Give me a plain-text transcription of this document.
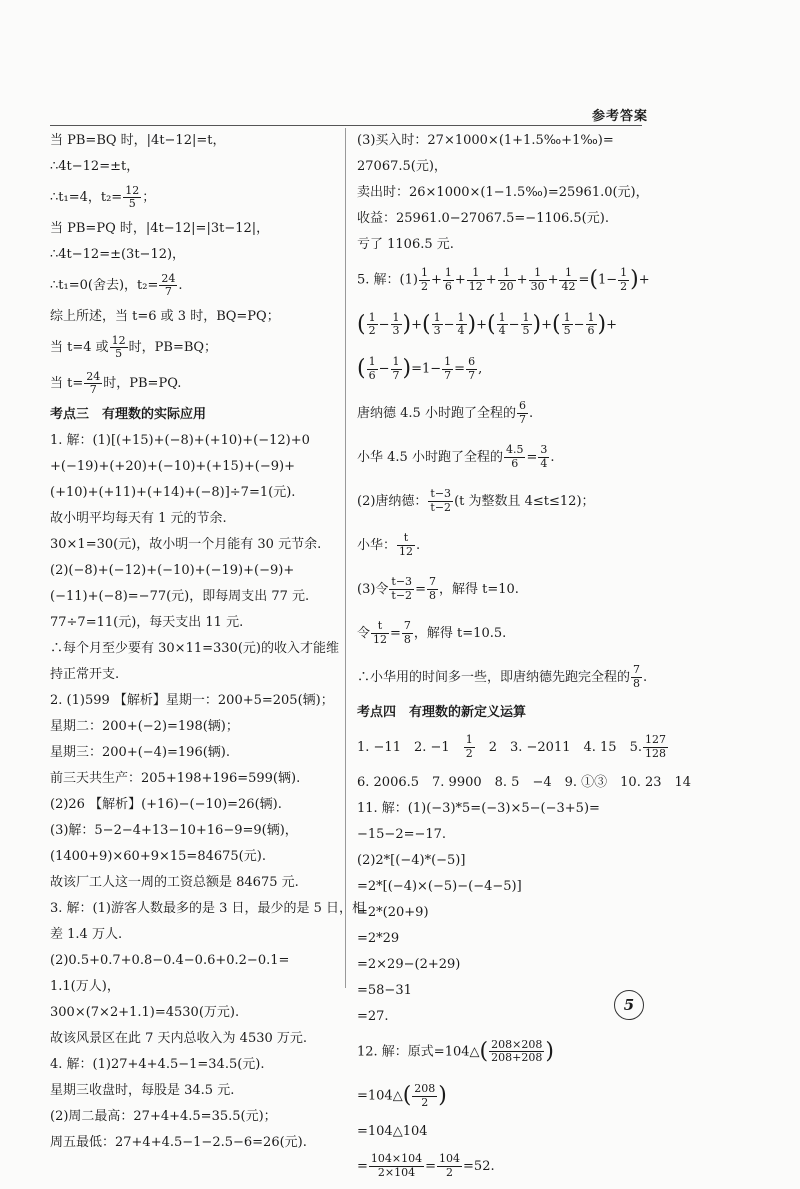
参考答案
当 PB=BQ 时，|4t−12|=t，
∴4t−12=±t，
∴t₁=4，$t_2= \frac{12}{5}$ ；
当 PB=PQ 时，|4t−12|=|3t−12|，
∴4t−12=±(3t−12)，
∴t₁=0(舍去)，$t_2= \frac{24}{7}$ .
综上所述，当 t=6 或 3 时，BQ=PQ；
当 t=4 或 $\frac{12}{5}$ 时，PB=BQ；
当 $t= \frac{24}{7}$ 时，PB=PQ.
考点三　有理数的实际应用
1. 解：(1)[(+15)+(−8)+(+10)+(−12)+0
+(−19)+(+20)+(−10)+(+15)+(−9)+
(+10)+(+11)+(+14)+(−8)]÷7=1(元).
故小明平均每天有 1 元的节余.
30×1=30(元)，故小明一个月能有 30 元节余.
(2)(−8)+(−12)+(−10)+(−19)+(−9)+
(−11)+(−8)=−77(元)，即每周支出 77 元.
77÷7=11(元)，每天支出 11 元.
∴每个月至少要有 30×11=330(元)的收入才能维
持正常开支.
2. (1)599 【解析】星期一：200+5=205(辆)；
星期二：200+(−2)=198(辆)；
星期三：200+(−4)=196(辆).
前三天共生产：205+198+196=599(辆).
(2)26 【解析】(+16)−(−10)=26(辆).
(3)解：5−2−4+13−10+16−9=9(辆)，
(1400+9)×60+9×15=84675(元).
故该厂工人这一周的工资总额是 84675 元.
3. 解：(1)游客人数最多的是 3 日，最少的是 5 日，相
差 1.4 万人.
(2)0.5+0.7+0.8−0.4−0.6+0.2−0.1=
1.1(万人)，
300×(7×2+1.1)=4530(万元).
故该风景区在此 7 天内总收入为 4530 万元.
4. 解：(1)27+4+4.5−1=34.5(元).
星期三收盘时，每股是 34.5 元.
(2)周二最高：27+4+4.5=35.5(元)；
周五最低：27+4+4.5−1−2.5−6=26(元).
(3)买入时：27×1000×(1+1.5‰+1‰)=
27067.5(元)，
卖出时：26×1000×(1−1.5‰)=25961.0(元)，
收益：25961.0−27067.5=−1106.5(元).
亏了 1106.5 元.
5. 解：$(1) \frac{1}{2} + \frac{1}{6} + \frac{1}{12} + \frac{1}{20} + \frac{1}{30} + \frac{1}{42} =(1- \frac{1}{2}$ )+
( $\frac{1}{2} - \frac{1}{3}$ )+( $\frac{1}{3} - \frac{1}{4}$ )+( $\frac{1}{4} - \frac{1}{5}$ )+( $\frac{1}{5} - \frac{1}{6}$ )+
( $\frac{1}{6} - \frac{1}{7} )=1- \frac{1}{7} = \frac{6}{7}$ ,
唐纳德 4.5 小时跑了全程的 $\frac{6}{7}$ .
小华 4.5 小时跑了全程的 $\frac{4.5}{6} = \frac{3}{4}$ .
(2)唐纳德： $\frac{t-3}{t-2} (t$ 为整数且 4≤t≤12)；
小华： $\frac{t}{12}$ .
(3)令 $\frac{t-3}{t-2} = \frac{7}{8}$ ，解得 t=10.
令 $\frac{t}{12} = \frac{7}{8}$ ，解得 t=10.5.
∴小华用的时间多一些，即唐纳德先跑完全程的 $\frac{7}{8}$ .
考点四　有理数的新定义运算
1. −11　2. −1　 $\frac{1}{2}$
　 2　3. −2011　4. 15　5. $\frac{127}{128}$
6. 2006.5　7. 9900　8. 5　−4　9. ①③　10. 23　14
11. 解：(1)(−3)*5=(−3)×5−(−3+5)=
−15−2=−17.
(2)2*[(−4)*(−5)]
=2*[(−4)×(−5)−(−4−5)]
=2*(20+9)
=2*29
=2×29−(2+29)
=58−31
=27.
12. 解：原式=104△( $\frac{208\times 208}{208+208}$ )
=104△( $\frac{208}{2}$ )
=104△104
= $\frac{104\times 104}{2\times 104} = \frac{104}{2} =52$.
5
